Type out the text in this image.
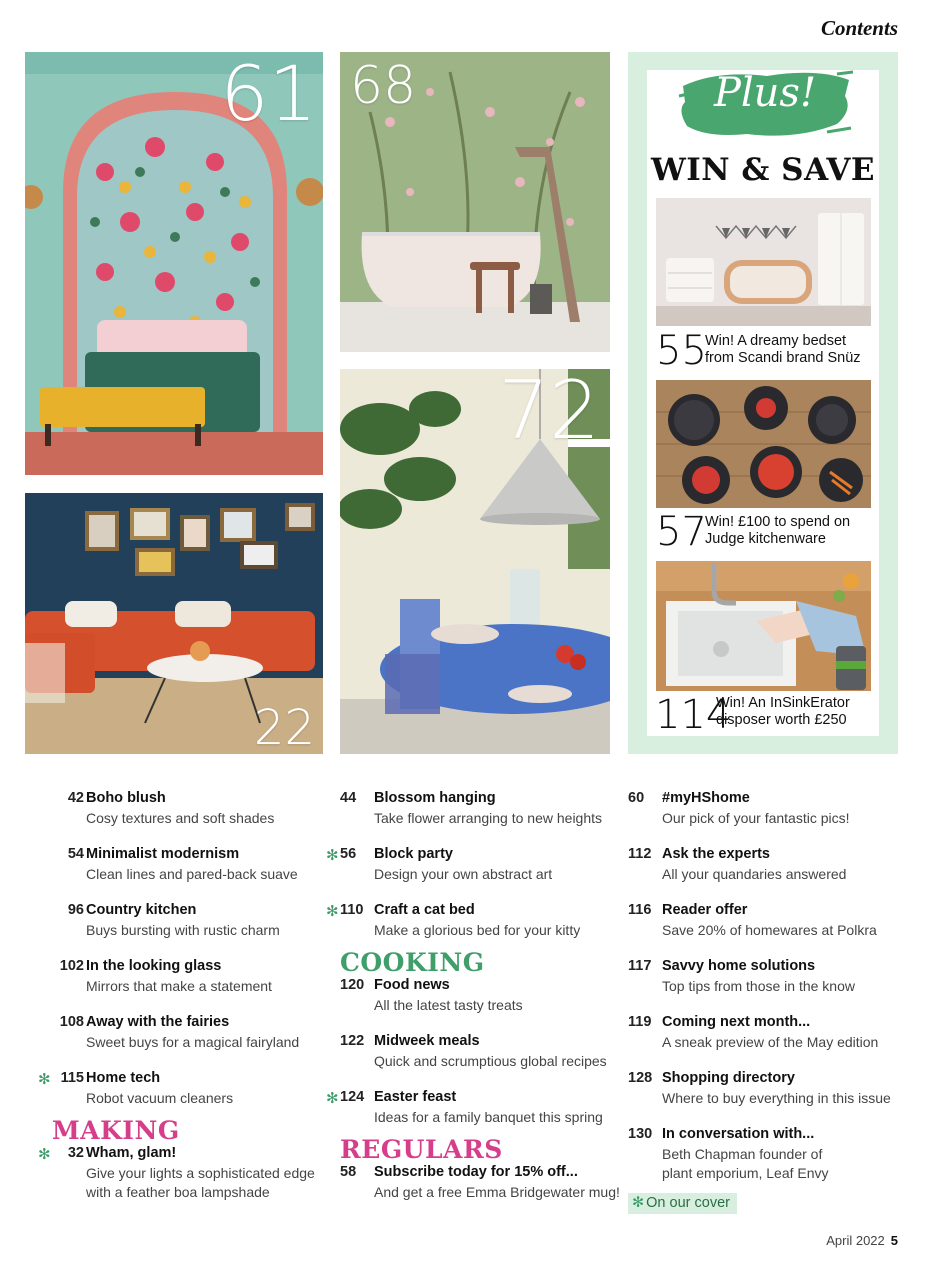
Contents
61 68
72
22
Plus!
WIN & SAVE
55
Win! A dreamy bedset
from Scandi brand Snüz
57
Win! £100 to spend on
Judge kitchenware
114
Win! An InSinkErator
disposer worth £250
42 Boho blush
Cosy textures and soft shades
54 Minimalist modernism
Clean lines and pared-back suave
96 Country kitchen
Buys bursting with rustic charm
102 In the looking glass
Mirrors that make a statement
108 Away with the fairies
Sweet buys for a magical fairyland
✻ 115 Home tech
Robot vacuum cleaners
MAKING
✻	32 Wham, glam!
Give your lights a sophisticated edge
with a feather boa lampshade
44	Blossom hanging
Take flower arranging to new heights
✻ 56	Block party
Design your own abstract art
✻ 110 Craft a cat bed
Make a glorious bed for your kitty
COOKING
120 Food news
All the latest tasty treats
122 Midweek meals
Quick and scrumptious global recipes
✻ 124 Easter feast
Ideas for a family banquet this spring
REGULARS
58	Subscribe today for 15% off...
And get a free Emma Bridgewater mug!
60	#myHShome
Our pick of your fantastic pics!
112 Ask the experts
All your quandaries answered
116 Reader offer
Save 20% of homewares at Polkra
117 Savvy home solutions
Top tips from those in the know
119 Coming next month...
A sneak preview of the May edition
128 Shopping directory
Where to buy everything in this issue
130 In conversation with...
Beth Chapman founder of
plant emporium, Leaf Envy
✻ On our cover
April 2022 5
